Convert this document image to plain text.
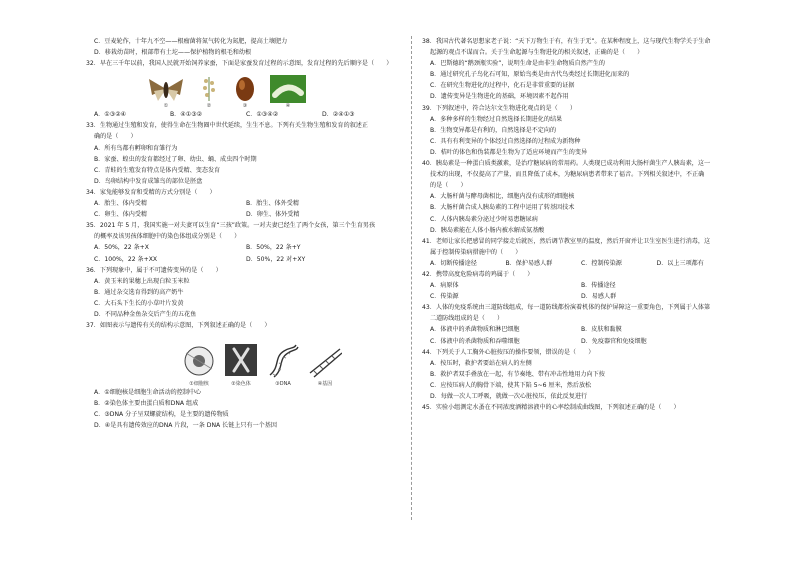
C．豆麦轮作，十年九不空——根瘤菌将氮气转化为氮肥，提高土壤肥力
D．移栽幼苗时，根部带有土坨——保护植物的根毛和幼根
32．早在三千年以前，我国人民就开始饲养家蚕，下面是家蚕发育过程的示意图，发育过程的先后顺序是（　　）
①	②	③	④
A．①③②④	B．④①③②	C．①③④②	D．②④①③
33．生物通过生殖和发育，使得生命在生物圈中世代延续，生生不息。下列有关生物生殖和发育的叙述正
确的是（　　）
A．所有鸟都有孵卵和育雏行为
B．家蚕、蝗虫的发育都经过了卵、幼虫、蛹、成虫四个时期
C．青蛙的生殖发育特点是体内受精、变态发育
D．鸟卵结构中发育成雏鸟的部位是胚盘
34．家兔能够发育和受精的方式分别是（　　）
A．胎生、体内受精	B．胎生、体外受精
C．卵生、体内受精	D．卵生、体外受精
35．2021 年 5 月，我国实施一对夫妻可以生育“三孩”政策。一对夫妻已经生了两个女孩，第三个生育男孩
的概率及该男孩体细胞中的染色体组成分别是（　　）
A．50%，22 条+X	B．50%，22 条+Y
C．100%，22 条+XX	D．50%，22 对+XY
36．下列现象中，属于不可遗传变异的是（　　）
A．黄玉米的果穗上出现白粒玉米粒
B．通过杂交选育得到的高产奶牛
C．大石头下生长的小草叶片发黄
D．不同品种金鱼杂交后产生的五花鱼
37．如图表示与遗传有关的结构示意图，下列叙述正确的是（　　）
①细胞核	②染色体	③DNA	④基因
A．①细胞核是细胞生命活动的控制中心
B．②染色体主要由蛋白质和DNA 组成
C．③DNA 分子呈双螺旋结构，是主要的遗传物质
D．④是具有遗传效应的DNA 片段，一条 DNA 长链上只有一个基因
38．我国古代著名思想家老子说：“天下万物生于有，有生于无”。在某种程度上，这与现代生物学关于生命
起源的观点不谋而合。关于生命起源与生物进化的相关叙述，正确的是（　　）
A．巴斯德的“鹅颈瓶实验”，说明生命是由非生命物质自然产生的
B．通过研究孔子鸟化石可知，原始鸟类是由古代鸟类经过长期进化而来的
C．在研究生物进化的过程中，化石是非常重要的证据
D．遗传变异是生物进化的基础，环境因素不起作用
39．下列叙述中，符合达尔文生物进化观点的是（　　）
A．多种多样的生物经过自然选择长期进化的结果
B．生物变异都是有利的，自然选择是不定向的
C．具有有利变异的个体经过自然选择的过程成为新物种
D．桔叶的体色和伪装都是生物为了适应环境而产生的变异
40．胰岛素是一种蛋白质类激素，是治疗糖尿病的常用药。人类现已成功利用大肠杆菌生产人胰岛素，这一
技术的出现，不仅提高了产量，而且降低了成本，为糖尿病患者带来了福音。下列相关叙述中，不正确
的是（　　）
A．大肠杆菌与酵母菌相比，细胞内没有成形的细胞核
B．大肠杆菌合成人胰岛素的工程中运用了转基因技术
C．人体内胰岛素分泌过少时易患糖尿病
D．胰岛素能在人体小肠内被水解成氨基酸
41．老师让家长把感冒的同学接走后就医，然后调节教室里的温度，然后开窗并让卫生室医生进行消毒，这
属于控制传染病措施中的（　　）
A．切断传播途径	B．保护易感人群	C．控制传染源	D．以上三项都有
42．携带高度危险病毒的鸡属于（　　）
A．病原体	B．传播途径
C．传染源	D．易感人群
43．人体的免疫系统由三道防线组成，每一道防线都扮演着机体的保护屏障这一重要角色，下列属于人体第
二道防线组成的是（　　）
A．体液中的杀菌物质和淋巴细胞	B．皮肤和黏膜
C．体液中的杀菌物质和吞噬细胞	D．免疫器官和免疫细胞
44．下列关于人工胸外心脏按压的操作要领，错误的是（　　）
A．按压时，救护者要站在病人的左侧
B．救护者双手叠放在一起，有节奏地、带有冲击性地用力向下按
C．应按压病人的胸骨下端，使其下陷 5~6 厘米，然后放松
D．每做一次人工呼吸，就做一次心脏按压，依此反复进行
45．实验小组测定水蚤在不同浓度酒精溶液中的心率绘制成曲线图，下列叙述正确的是（　　）
